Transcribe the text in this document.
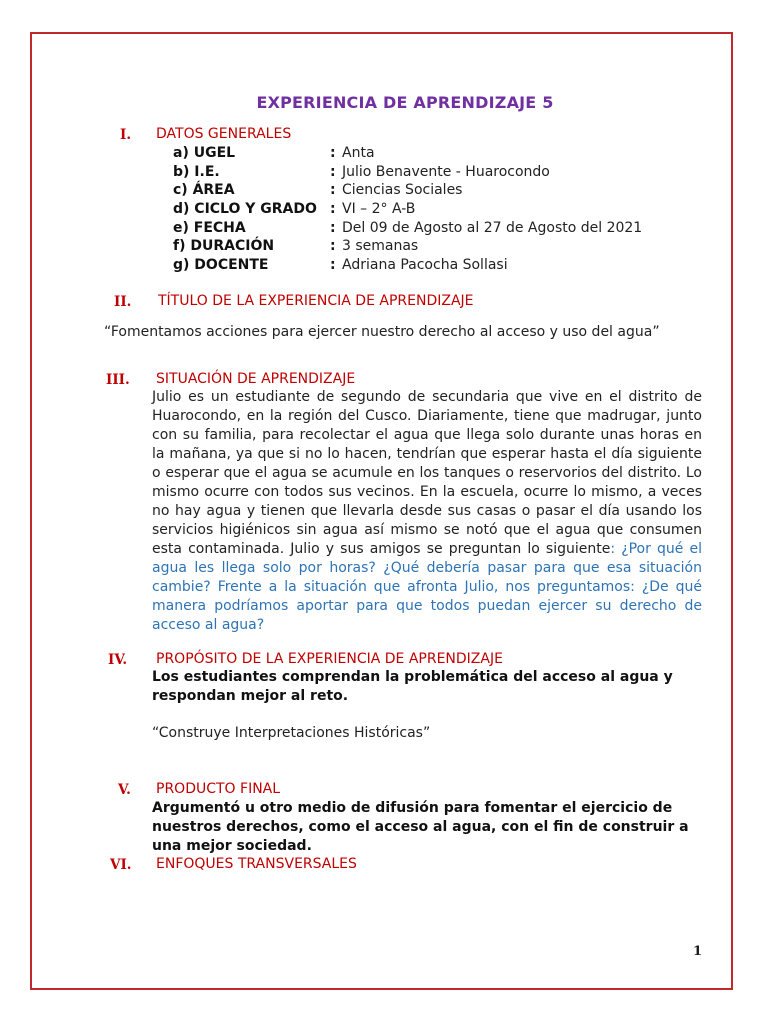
EXPERIENCIA DE APRENDIZAJE 5
I. DATOS GENERALES
a) UGEL	: Anta
b) I.E.	: Julio Benavente - Huarocondo
c) ÁREA	: Ciencias Sociales
d) CICLO Y GRADO : VI – 2° A-B
e) FECHA	: Del 09 de Agosto al 27 de Agosto del 2021
f) DURACIÓN	: 3 semanas
g) DOCENTE	: Adriana Pacocha Sollasi
II. TÍTULO DE LA EXPERIENCIA DE APRENDIZAJE
“Fomentamos acciones para ejercer nuestro derecho al acceso y uso del agua”
III. SITUACIÓN DE APRENDIZAJE
Julio es un estudiante de segundo de secundaria que vive en el distrito de Huarocondo, en la región del Cusco. Diariamente, tiene que madrugar, junto con su familia, para recolectar el agua que llega solo durante unas horas en la mañana, ya que si no lo hacen, tendrían que esperar hasta el día siguiente o esperar que el agua se acumule en los tanques o reservorios del distrito. Lo mismo ocurre con todos sus vecinos. En la escuela, ocurre lo mismo, a veces no hay agua y tienen que llevarla desde sus casas o pasar el día usando los servicios higiénicos sin agua así mismo se notó que el agua que consumen esta contaminada. Julio y sus amigos se preguntan lo siguiente: ¿Por qué el agua les llega solo por horas? ¿Qué debería pasar para que esa situación cambie? Frente a la situación que afronta Julio, nos preguntamos: ¿De qué manera podríamos aportar para que todos puedan ejercer su derecho de acceso al agua?
IV. PROPÓSITO DE LA EXPERIENCIA DE APRENDIZAJE
Los estudiantes comprendan la problemática del acceso al agua y respondan mejor al reto.
“Construye Interpretaciones Históricas”
V. PRODUCTO FINAL
Argumentó u otro medio de difusión para fomentar el ejercicio de nuestros derechos, como el acceso al agua, con el fin de construir a una mejor sociedad.
VI. ENFOQUES TRANSVERSALES
1
